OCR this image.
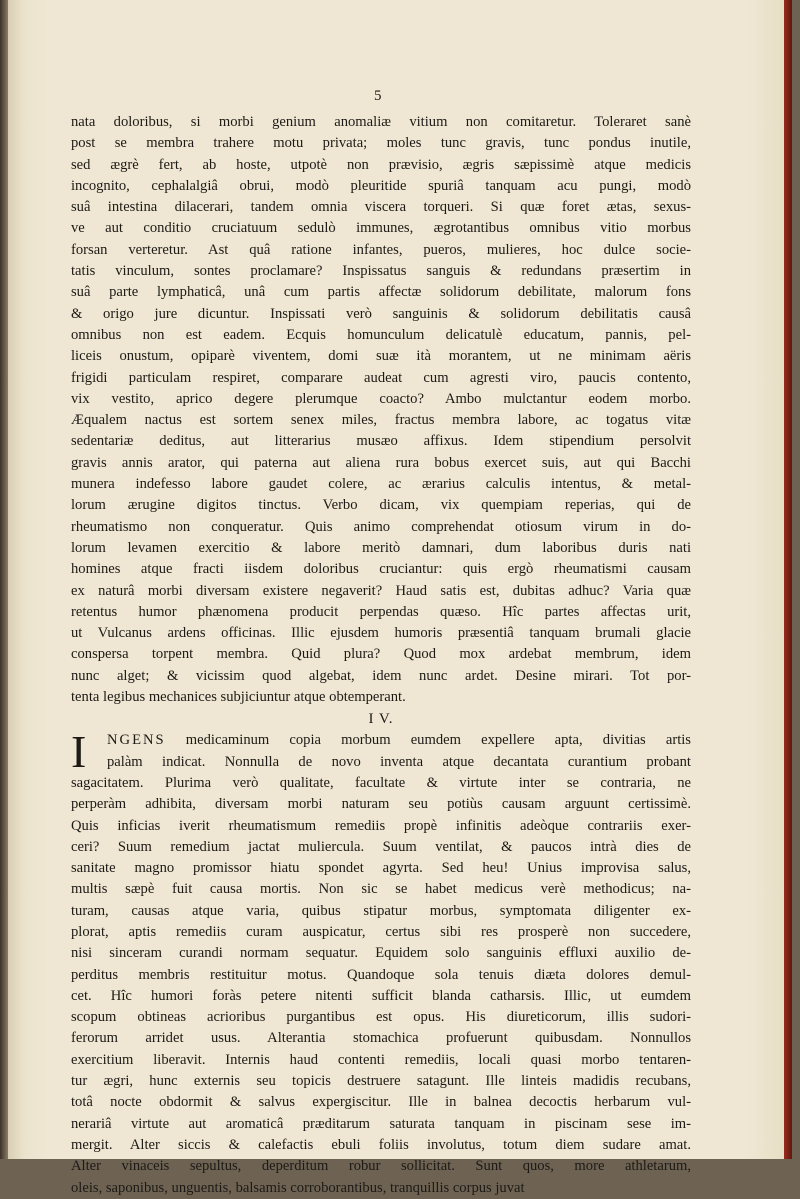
5
nata doloribus, si morbi genium anomaliæ vitium non comitaretur. Toleraret sanè
post se membra trahere motu privata; moles tunc gravis, tunc pondus inutile,
sed ægrè fert, ab hoste, utpotè non prævisio, ægris sæpissimè atque medicis
incognito, cephalalgiâ obrui, modò pleuritide spuriâ tanquam acu pungi, modò
suâ intestina dilacerari, tandem omnia viscera torqueri. Si quæ foret ætas, sexus-
ve aut conditio cruciatuum sedulò immunes, ægrotantibus omnibus vitio morbus
forsan verteretur. Ast quâ ratione infantes, pueros, mulieres, hoc dulce socie-
tatis vinculum, sontes proclamare? Inspissatus sanguis & redundans præsertim in
suâ parte lymphaticâ, unâ cum partis affectæ solidorum debilitate, malorum fons
& origo jure dicuntur. Inspissati verò sanguinis & solidorum debilitatis causâ
omnibus non est eadem. Ecquis homunculum delicatulè educatum, pannis, pel-
liceis onustum, opiparè viventem, domi suæ ità morantem, ut ne minimam aëris
frigidi particulam respiret, comparare audeat cum agresti viro, paucis contento,
vix vestito, aprico degere plerumque coacto? Ambo mulctantur eodem morbo.
Æqualem nactus est sortem senex miles, fractus membra labore, ac togatus vitæ
sedentariæ deditus, aut litterarius musæo affixus. Idem stipendium persolvit
gravis annis arator, qui paterna aut aliena rura bobus exercet suis, aut qui Bacchi
munera indefesso labore gaudet colere, ac ærarius calculis intentus, & metal-
lorum ærugine digitos tinctus. Verbo dicam, vix quempiam reperias, qui de
rheumatismo non conqueratur. Quis animo comprehendat otiosum virum in do-
lorum levamen exercitio & labore meritò damnari, dum laboribus duris nati
homines atque fracti iisdem doloribus cruciantur: quis ergò rheumatismi causam
ex naturâ morbi diversam existere negaverit? Haud satis est, dubitas adhuc? Varia quæ
retentus humor phænomena producit perpendas quæso. Hîc partes affectas urit,
ut Vulcanus ardens officinas. Illic ejusdem humoris præsentiâ tanquam brumali glacie
conspersa torpent membra. Quid plura? Quod mox ardebat membrum, idem
nunc alget; & vicissim quod algebat, idem nunc ardet. Desine mirari. Tot por-
tenta legibus mechanices subjiciuntur atque obtemperant.
I V.
I	NGENS medicaminum copia morbum eumdem expellere apta, divitias artis
palàm indicat. Nonnulla de novo inventa atque decantata curantium probant
sagacitatem. Plurima verò qualitate, facultate & virtute inter se contraria, ne
perperàm adhibita, diversam morbi naturam seu potiùs causam arguunt certissimè.
Quis inficias iverit rheumatismum remediis propè infinitis adeòque contrariis exer-
ceri? Suum remedium jactat muliercula. Suum ventilat, & paucos intrà dies de
sanitate magno promissor hiatu spondet agyrta. Sed heu! Unius improvisa salus,
multis sæpè fuit causa mortis. Non sic se habet medicus verè methodicus; na-
turam, causas atque varia, quibus stipatur morbus, symptomata diligenter ex-
plorat, aptis remediis curam auspicatur, certus sibi res prosperè non succedere,
nisi sinceram curandi normam sequatur. Equidem solo sanguinis effluxi auxilio de-
perditus membris restituitur motus. Quandoque sola tenuis diæta dolores demul-
cet. Hîc humori foràs petere nitenti sufficit blanda catharsis. Illic, ut eumdem
scopum obtineas acrioribus purgantibus est opus. His diureticorum, illis sudori-
ferorum arridet usus. Alterantia stomachica profuerunt quibusdam. Nonnullos
exercitium liberavit. Internis haud contenti remediis, locali quasi morbo tentaren-
tur ægri, hunc externis seu topicis destruere satagunt. Ille linteis madidis recubans,
totâ nocte obdormit & salvus expergiscitur. Ille in balnea decoctis herbarum vul-
nerariâ virtute aut aromaticâ præditarum saturata tanquam in piscinam sese im-
mergit. Alter siccis & calefactis ebuli foliis involutus, totum diem sudare amat.
Alter vinaceis sepultus, deperditum robur sollicitat. Sunt quos, more athletarum,
oleis, saponibus, unguentis, balsamis corroborantibus, tranquillis corpus juvat
